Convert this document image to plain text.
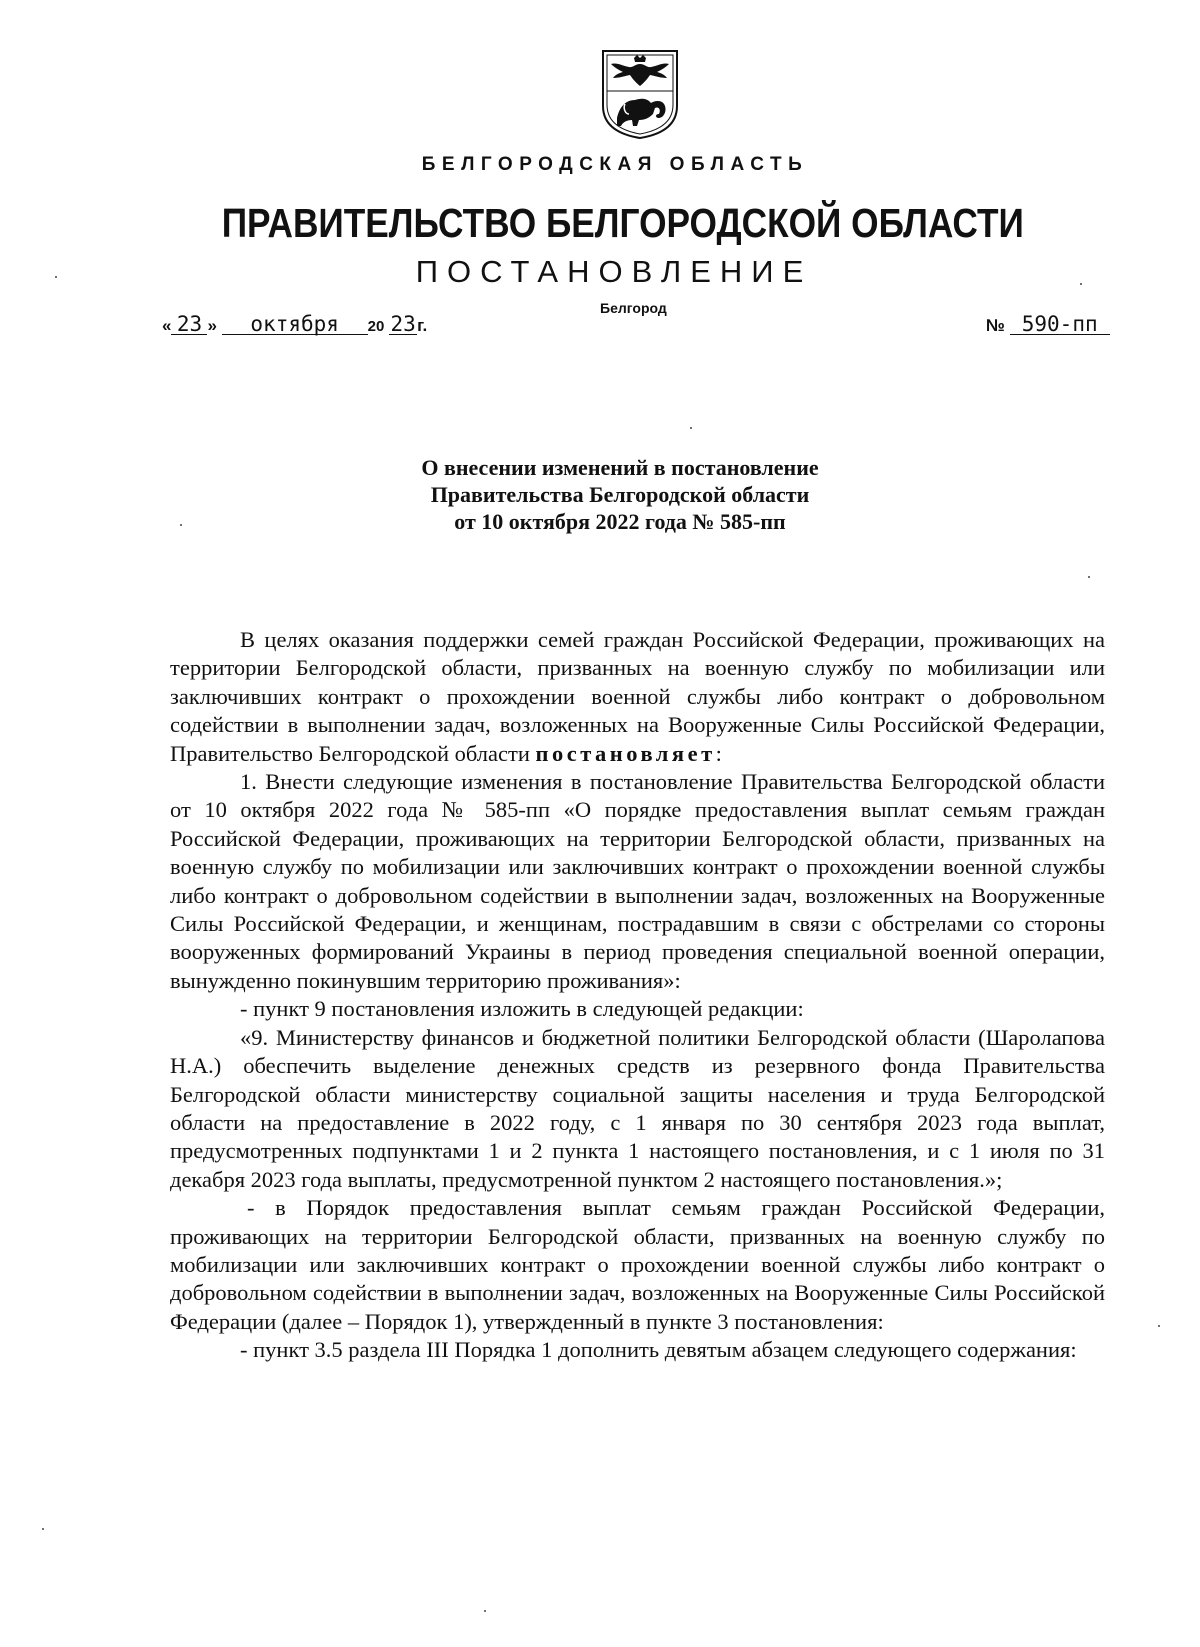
БЕЛГОРОДСКАЯ ОБЛАСТЬ
ПРАВИТЕЛЬСТВО БЕЛГОРОДСКОЙ ОБЛАСТИ
ПОСТАНОВЛЕНИЕ
Белгород
« 23 » октября 20 23г.	№ 590-пп
О внесении изменений в постановление
Правительства Белгородской области
от 10 октября 2022 года № 585-пп

В целях оказания поддержки семей граждан Российской Федерации, проживающих на территории Белгородской области, призванных на военную службу по мобилизации или заключивших контракт о прохождении военной службы либо контракт о добровольном содействии в выполнении задач, возложенных на Вооруженные Силы Российской Федерации, Правительство Белгородской области постановляет:

1. Внести следующие изменения в постановление Правительства Белгородской области от 10 октября 2022 года № 585-пп «О порядке предоставления выплат семьям граждан Российской Федерации, проживающих на территории Белгородской области, призванных на военную службу по мобилизации или заключивших контракт о прохождении военной службы либо контракт о добровольном содействии в выполнении задач, возложенных на Вооруженные Силы Российской Федерации, и женщинам, пострадавшим в связи с обстрелами со стороны вооруженных формирований Украины в период проведения специальной военной операции, вынужденно покинувшим территорию проживания»:

- пункт 9 постановления изложить в следующей редакции:

«9. Министерству финансов и бюджетной политики Белгородской области (Шаролапова Н.А.) обеспечить выделение денежных средств из резервного фонда Правительства Белгородской области министерству социальной защиты населения и труда Белгородской области на предоставление в 2022 году, с 1 января по 30 сентября 2023 года выплат, предусмотренных подпунктами 1 и 2 пункта 1 настоящего постановления, и с 1 июля по 31 декабря 2023 года выплаты, предусмотренной пунктом 2 настоящего постановления.»;

- в Порядок предоставления выплат семьям граждан Российской Федерации, проживающих на территории Белгородской области, призванных на военную службу по мобилизации или заключивших контракт о прохождении военной службы либо контракт о добровольном содействии в выполнении задач, возложенных на Вооруженные Силы Российской Федерации (далее – Порядок 1), утвержденный в пункте 3 постановления:

- пункт 3.5 раздела III Порядка 1 дополнить девятым абзацем следующего содержания:
